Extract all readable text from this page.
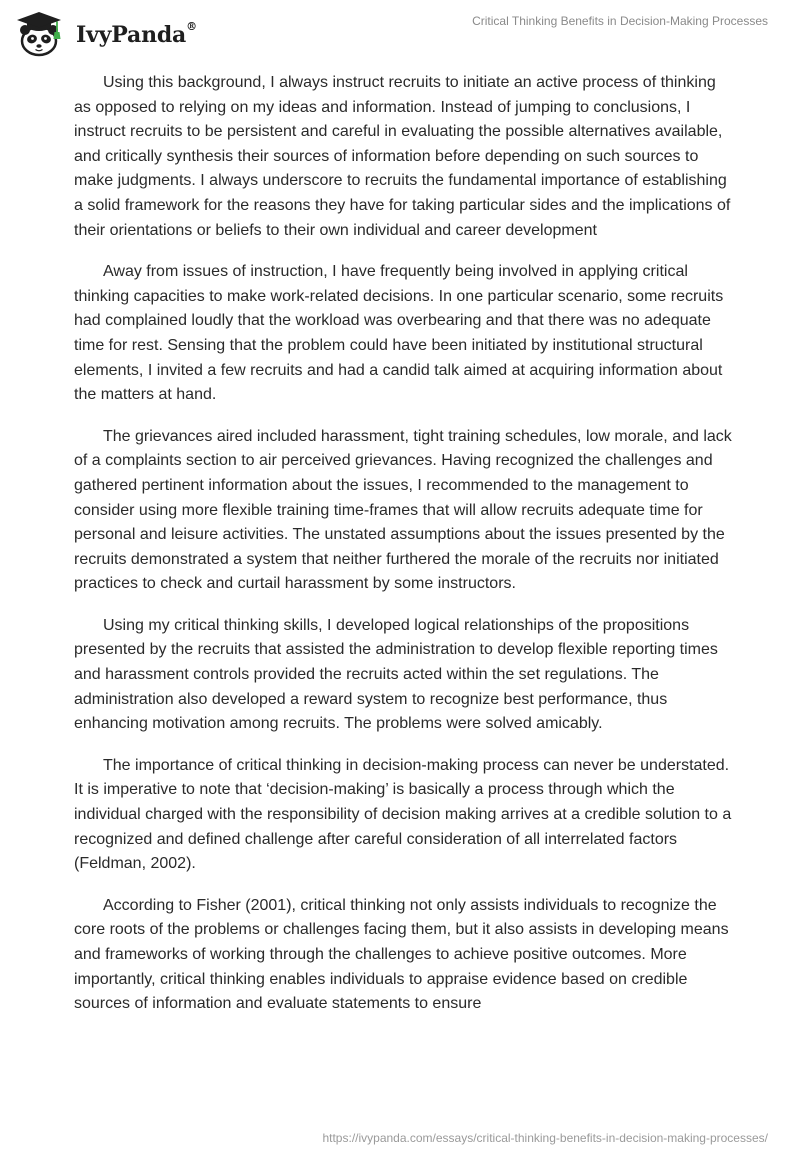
IvyPanda®	Critical Thinking Benefits in Decision-Making Processes

Using this background, I always instruct recruits to initiate an active process of thinking as opposed to relying on my ideas and information. Instead of jumping to conclusions, I instruct recruits to be persistent and careful in evaluating the possible alternatives available, and critically synthesis their sources of information before depending on such sources to make judgments. I always underscore to recruits the fundamental importance of establishing a solid framework for the reasons they have for taking particular sides and the implications of their orientations or beliefs to their own individual and career development

Away from issues of instruction, I have frequently being involved in applying critical thinking capacities to make work-related decisions. In one particular scenario, some recruits had complained loudly that the workload was overbearing and that there was no adequate time for rest. Sensing that the problem could have been initiated by institutional structural elements, I invited a few recruits and had a candid talk aimed at acquiring information about the matters at hand.

The grievances aired included harassment, tight training schedules, low morale, and lack of a complaints section to air perceived grievances. Having recognized the challenges and gathered pertinent information about the issues, I recommended to the management to consider using more flexible training time-frames that will allow recruits adequate time for personal and leisure activities. The unstated assumptions about the issues presented by the recruits demonstrated a system that neither furthered the morale of the recruits nor initiated practices to check and curtail harassment by some instructors.

Using my critical thinking skills, I developed logical relationships of the propositions presented by the recruits that assisted the administration to develop flexible reporting times and harassment controls provided the recruits acted within the set regulations. The administration also developed a reward system to recognize best performance, thus enhancing motivation among recruits. The problems were solved amicably.

The importance of critical thinking in decision-making process can never be understated. It is imperative to note that ‘decision-making’ is basically a process through which the individual charged with the responsibility of decision making arrives at a credible solution to a recognized and defined challenge after careful consideration of all interrelated factors (Feldman, 2002).

According to Fisher (2001), critical thinking not only assists individuals to recognize the core roots of the problems or challenges facing them, but it also assists in developing means and frameworks of working through the challenges to achieve positive outcomes. More importantly, critical thinking enables individuals to appraise evidence based on credible sources of information and evaluate statements to ensure

https://ivypanda.com/essays/critical-thinking-benefits-in-decision-making-processes/
